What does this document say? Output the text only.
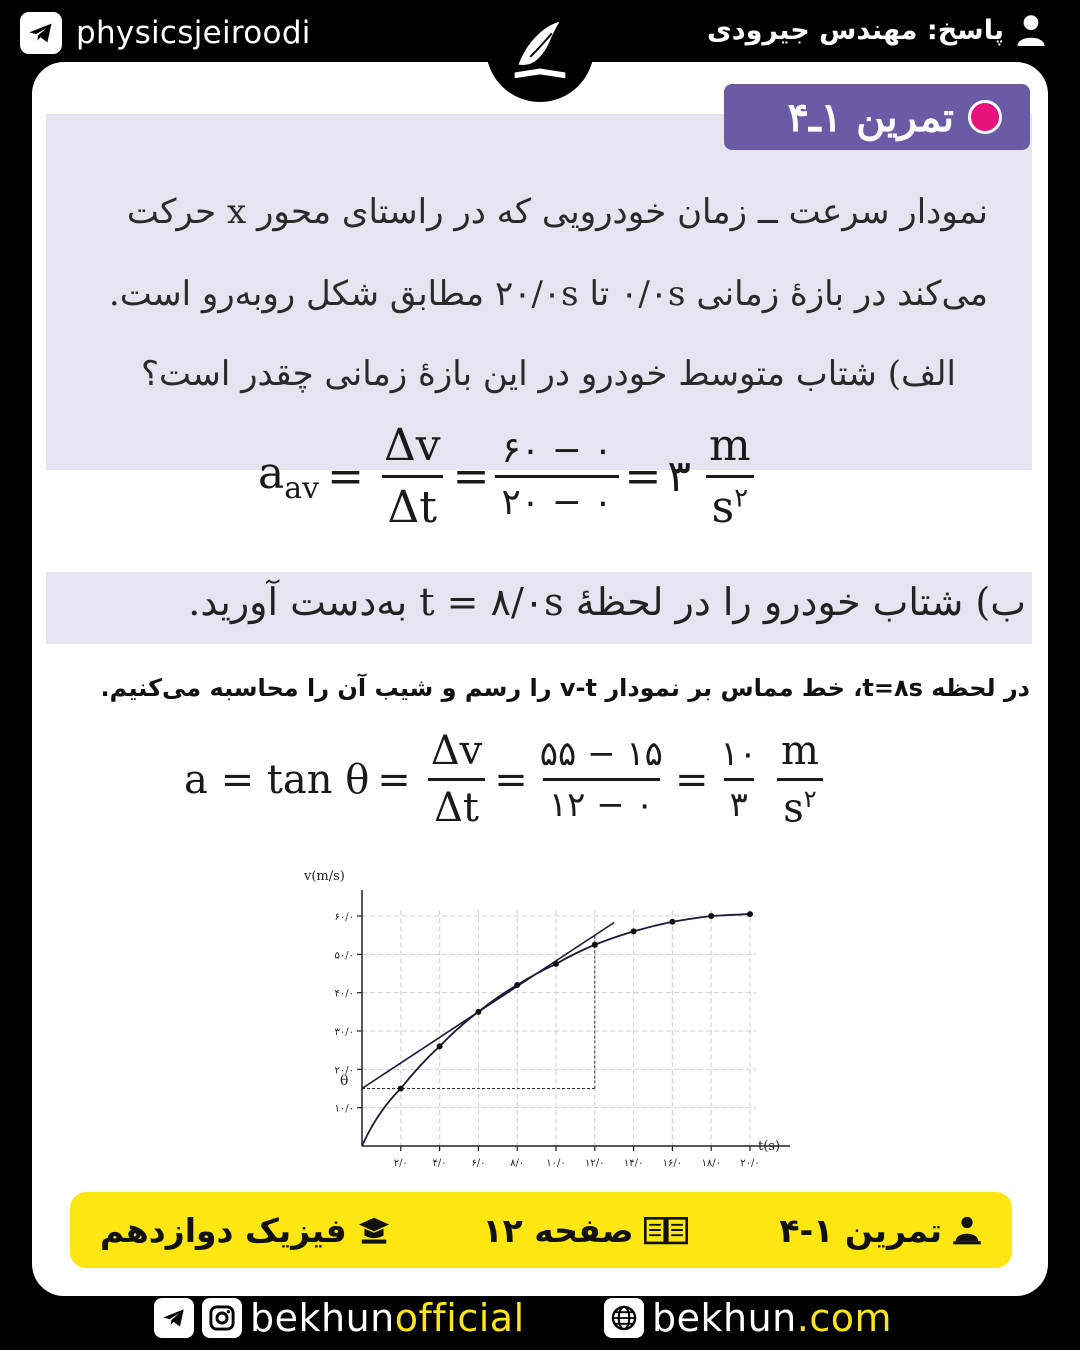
physicsjeiroodi	پاسخ: مهندس جیرودی
تمرین ۱ـ۴
نمودار سرعت ــ زمان خودرویی که در راستای محور x حرکت
می‌کند در بازهٔ زمانی ۰/۰s تا ۲۰/۰s مطابق شکل روبه‌رو است.
الف) شتاب متوسط خودرو در این بازهٔ زمانی چقدر است؟
$a_{av} = \frac{\Delta v}{\Delta t} = \frac{۶۰ - ۰}{۲۰ - ۰}$ = ۳ $\frac{m}{s^۲}$
ب) شتاب خودرو را در لحظهٔ t = ۸/۰s به‌دست آورید.
در لحظه t=۸s، خط مماس بر نمودار v-t را رسم و شیب آن را محاسبه می‌کنیم.
$a = \tan \theta = \frac{\Delta v}{\Delta t} = \frac{۵۵ - ۱۵}{۱۲ - ۰} = \frac{۱۰}{۳} \frac{m}{s^۲}$
۲/۰ ۴/۰ ۶/۰ ۸/۰ ۱۰/۰ ۱۲/۰ ۱۴/۰ ۱۶/۰ ۱۸/۰ ۲۰/۰
۱۰/۰
۲۰/۰
۳۰/۰
۴۰/۰
۵۰/۰
۶۰/۰
v(m/s)
t(s)
θ
تمرین ۱-۴
صفحه ۱۲
فیزیک دوازدهم
bekhunofficial	bekhun.com
